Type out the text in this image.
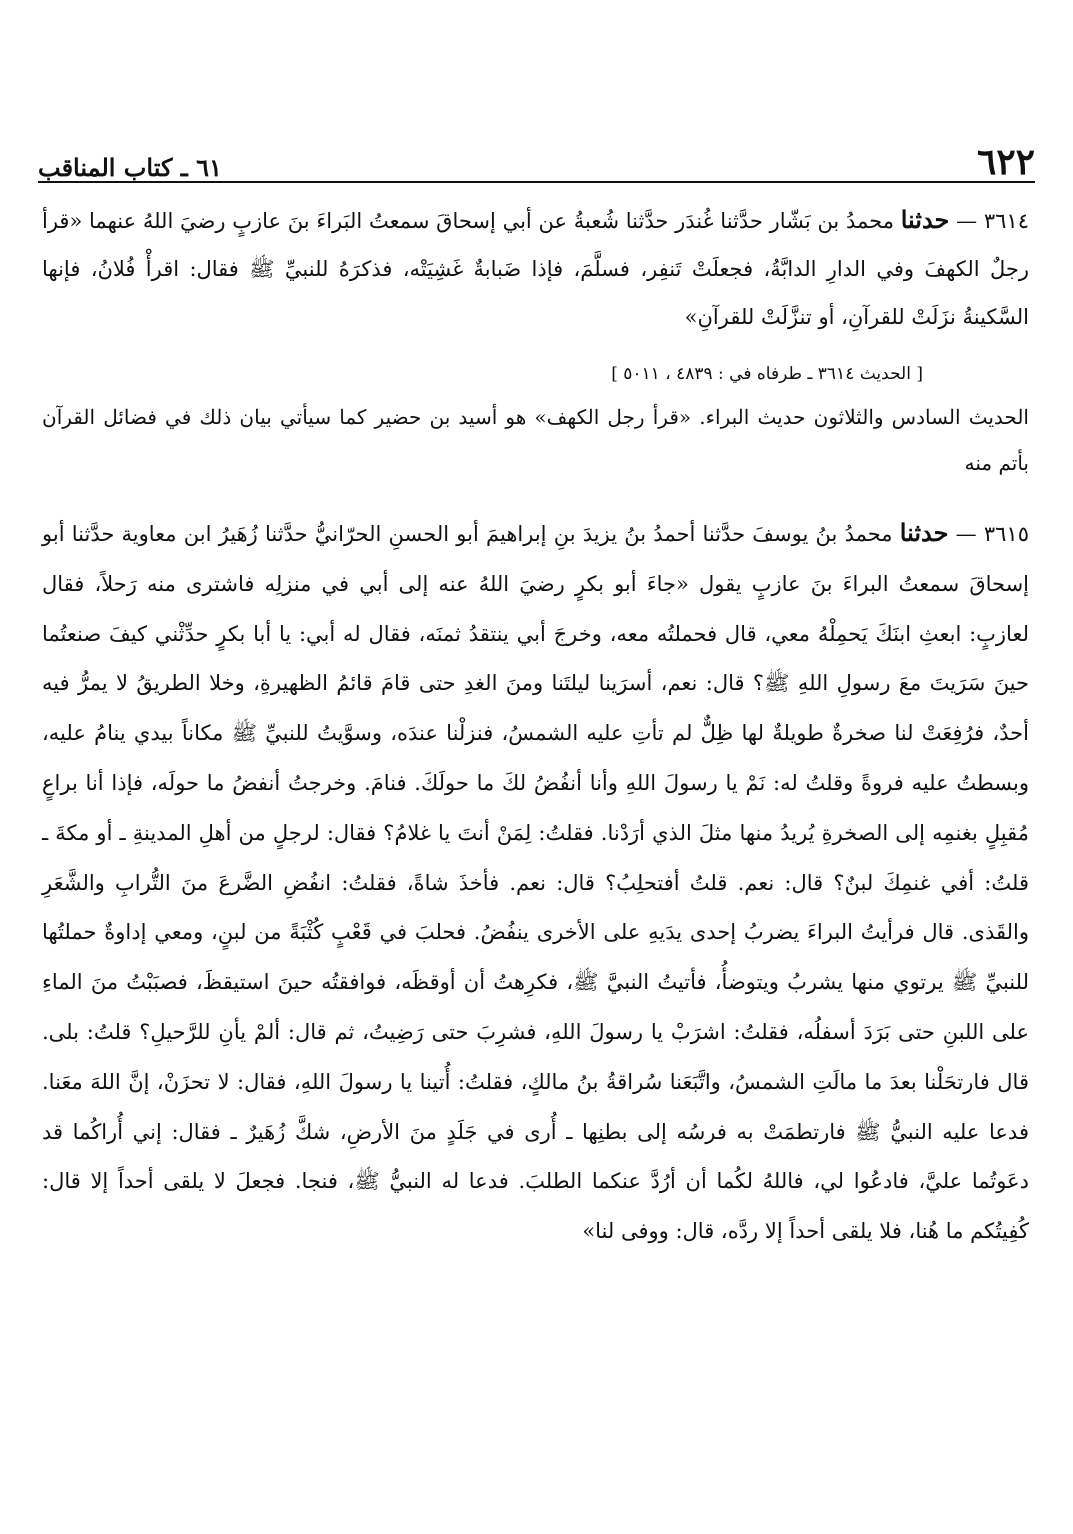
٦٢٢
٦١ ـ كتاب المناقب
٣٦١٤ — حدثنا محمدُ بن بَشّار حدَّثنا غُندَر حدَّثنا شُعبةُ عن أبي إسحاقَ سمعتُ البَراءَ بنَ عازبٍ رضيَ اللهُ عنهما «قرأ رجلٌ الكهفَ وفي الدارِ الدابَّةُ، فجعلَتْ تَنفِر، فسلَّمَ، فإذا ضَبابةٌ غَشِيَتْه، فذكرَهُ للنبيِّ ﷺ فقال: اقرأْ فُلانُ، فإنها السَّكينةُ نزَلَتْ للقرآنِ، أو تنزَّلَتْ للقرآنِ»
[ الحديث ٣٦١٤ ـ طرفاه في : ٤٨٣٩ ، ٥٠١١ ]
الحديث السادس والثلاثون حديث البراء. «قرأ رجل الكهف» هو أسيد بن حضير كما سيأتي بيان ذلك في فضائل القرآن بأتم منه
٣٦١٥ — حدثنا محمدُ بنُ يوسفَ حدَّثنا أحمدُ بنُ يزيدَ بنِ إبراهيمَ أبو الحسنِ الحرّانيُّ حدَّثنا زُهَيرُ ابن معاوية حدَّثنا أبو إسحاقَ سمعتُ البراءَ بنَ عازبٍ يقول «جاءَ أبو بكرٍ رضيَ اللهُ عنه إلى أبي في منزلِه فاشترى منه رَحلاً، فقال لعازبٍ: ابعثِ ابنَكَ يَحمِلْهُ معي، قال فحملتُه معه، وخرجَ أبي ينتقدُ ثمنَه، فقال له أبي: يا أبا بكرٍ حدِّثْني كيفَ صنعتُما حينَ سَرَيتَ معَ رسولِ اللهِ ﷺ؟ قال: نعم، أسرَينا ليلتَنا ومنَ الغدِ حتى قامَ قائمُ الظهيرةِ، وخلا الطريقُ لا يمرُّ فيه أحدٌ، فرُفِعَتْ لنا صخرةٌ طويلةٌ لها ظِلٌّ لم تأتِ عليه الشمسُ، فنزلْنا عندَه، وسوَّيتُ للنبيِّ ﷺ مكاناً بيدي ينامُ عليه، وبسطتُ عليه فروةً وقلتُ له: نَمْ يا رسولَ اللهِ وأنا أنفُضُ لكَ ما حولَكَ. فنامَ. وخرجتُ أنفضُ ما حولَه، فإذا أنا براعٍ مُقبِلٍ بغنمِه إلى الصخرةِ يُريدُ منها مثلَ الذي أرَدْنا. فقلتُ: لِمَنْ أنتَ يا غلامُ؟ فقال: لرجلٍ من أهلِ المدينةِ ـ أو مكةَ ـ قلتُ: أفي غنمِكَ لبنٌ؟ قال: نعم. قلتُ أفتحلِبُ؟ قال: نعم. فأخذَ شاةً، فقلتُ: انفُضِ الضَّرعَ منَ التُّرابِ والشَّعَرِ والقَذى. قال فرأيتُ البراءَ يضربُ إحدى يدَيهِ على الأخرى ينفُضُ. فحلبَ في قَعْبٍ كُثْبَةً من لبنٍ، ومعي إداوةٌ حملتُها للنبيِّ ﷺ يرتوي منها يشربُ ويتوضأُ، فأتيتُ النبيَّ ﷺ، فكرِهتُ أن أوقظَه، فوافقتُه حينَ استيقظَ، فصبَبْتُ منَ الماءِ على اللبنِ حتى بَرَدَ أسفلُه، فقلتُ: اشرَبْ يا رسولَ اللهِ، فشرِبَ حتى رَضِيتُ، ثم قال: ألمْ يأنِ للرَّحيلِ؟ قلتُ: بلى. قال فارتحَلْنا بعدَ ما مالَتِ الشمسُ، واتَّبَعَنا سُراقةُ بنُ مالكٍ، فقلتُ: أُتينا يا رسولَ اللهِ، فقال: لا تحزَنْ، إنَّ اللهَ معَنا. فدعا عليه النبيُّ ﷺ فارتطمَتْ به فرسُه إلى بطنِها ـ أُرى في جَلَدٍ منَ الأرضِ، شكَّ زُهَيرٌ ـ فقال: إني أُراكُما قد دعَوتُما عليَّ، فادعُوا لي، فاللهُ لكُما أن أرُدَّ عنكما الطلبَ. فدعا له النبيُّ ﷺ، فنجا. فجعلَ لا يلقى أحداً إلا قال: كُفِيتُكم ما هُنا، فلا يلقى أحداً إلا ردَّه، قال: ووفى لنا»
